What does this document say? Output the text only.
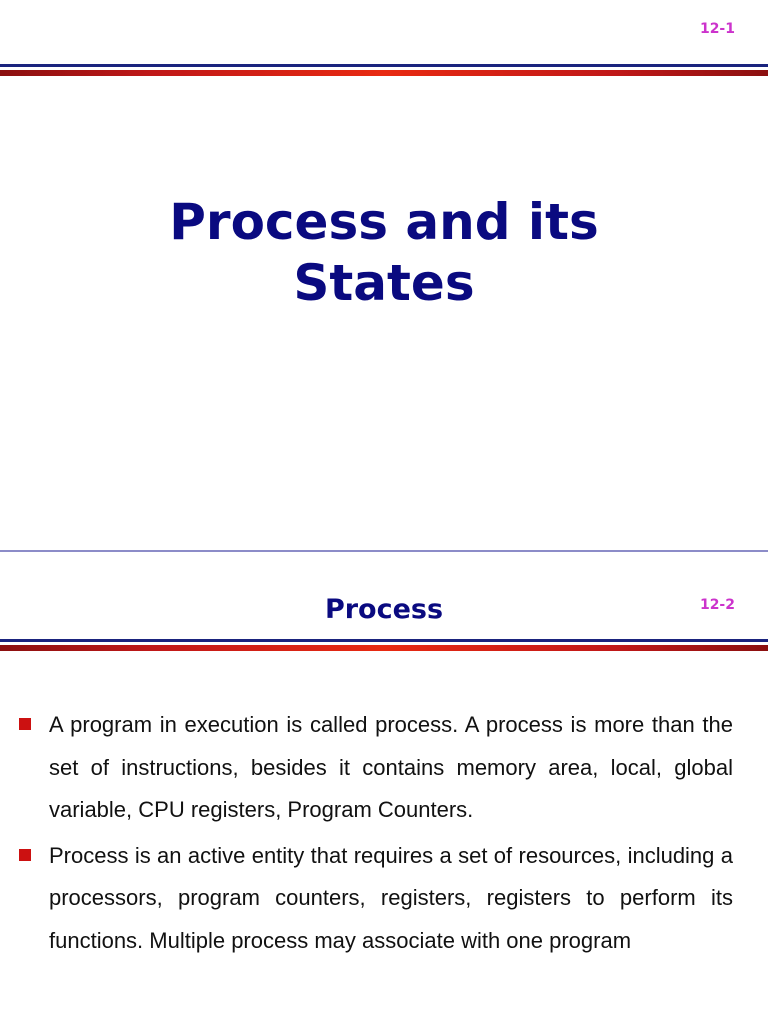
12-1
Process and its
States
Process	12-2
A program in execution is called process. A process is more than the set of instructions, besides it contains memory area, local, global variable, CPU registers, Program Counters.
Process is an active entity that requires a set of resources, including a processors, program counters, registers, registers to perform its functions. Multiple process may associate with one program
